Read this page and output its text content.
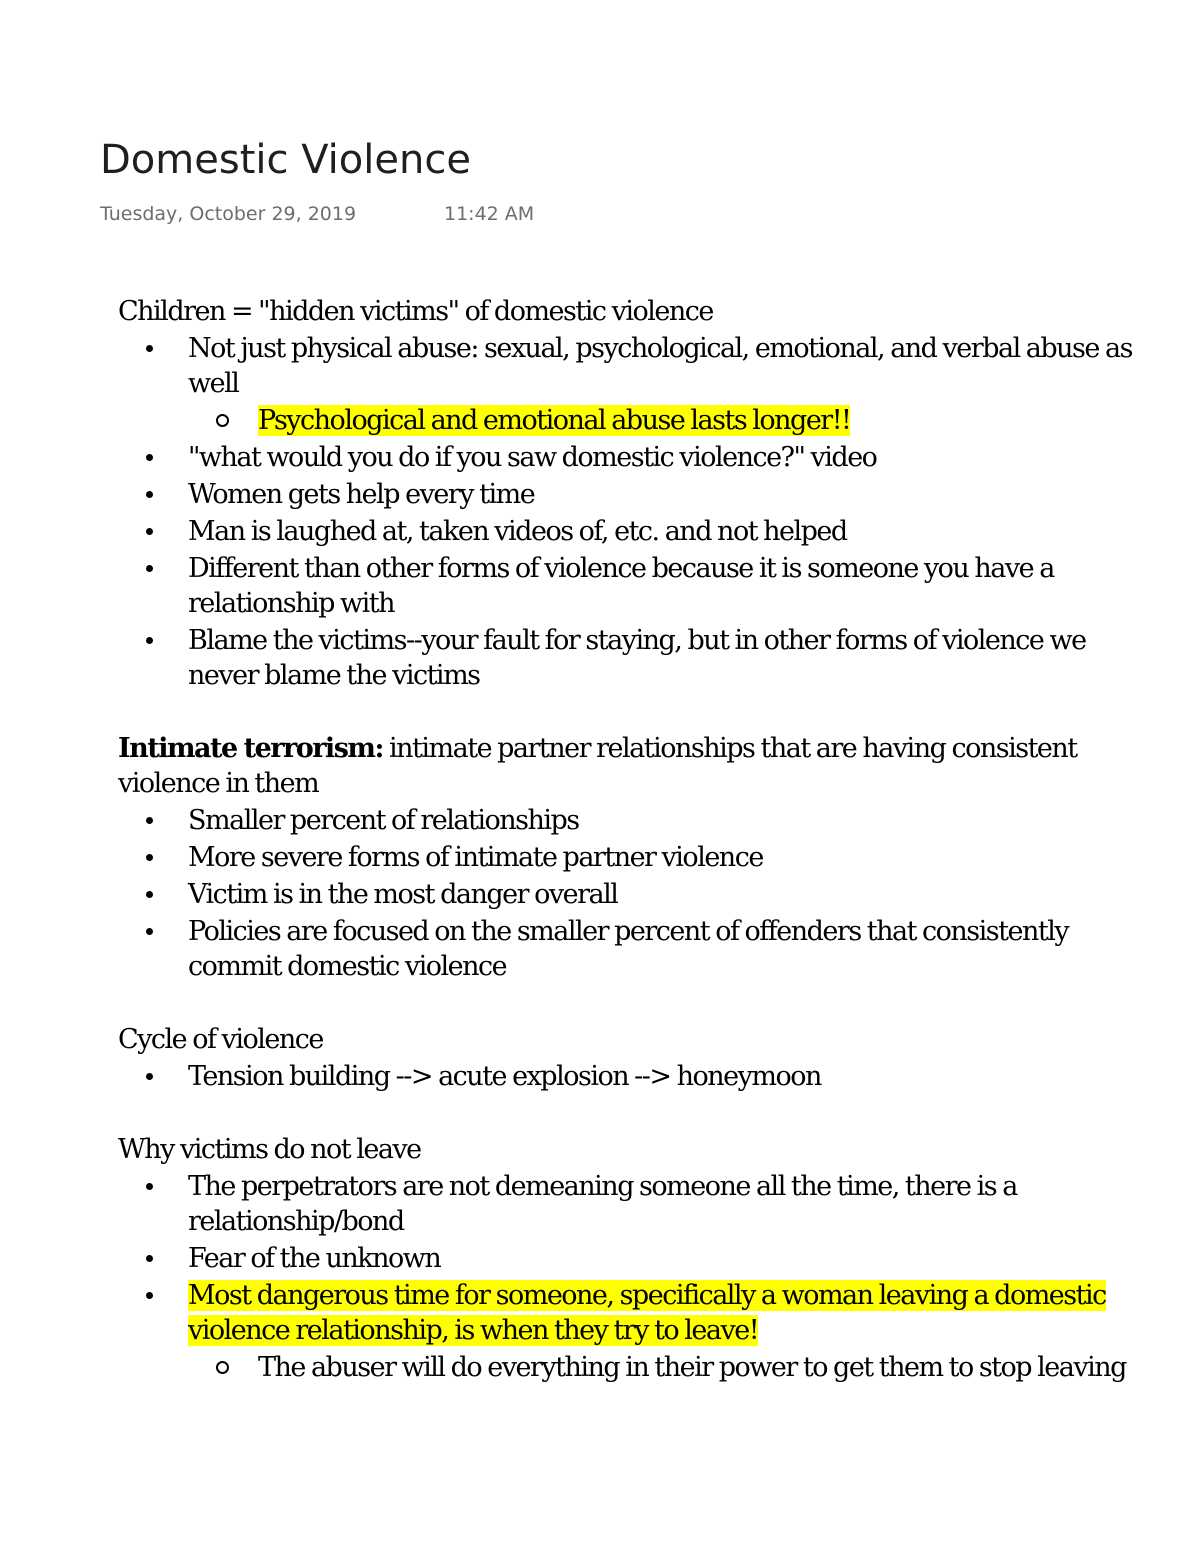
Domestic Violence
Tuesday, October 29, 2019	11:42 AM

Children = "hidden victims" of domestic violence

Not just physical abuse: sexual, psychological, emotional, and verbal abuse as well
Psychological and emotional abuse lasts longer!!
"what would you do if you saw domestic violence?" video
Women gets help every time
Man is laughed at, taken videos of, etc. and not helped
Different than other forms of violence because it is someone you have a relationship with
Blame the victims--your fault for staying, but in other forms of violence we never blame the victims

Intimate terrorism: intimate partner relationships that are having consistent violence in them

Smaller percent of relationships
More severe forms of intimate partner violence
Victim is in the most danger overall
Policies are focused on the smaller percent of offenders that consistently commit domestic violence

Cycle of violence

Tension building --> acute explosion --> honeymoon

Why victims do not leave

The perpetrators are not demeaning someone all the time, there is a relationship/bond
Fear of the unknown
Most dangerous time for someone, specifically a woman leaving a domestic violence relationship, is when they try to leave!
The abuser will do everything in their power to get them to stop leaving
